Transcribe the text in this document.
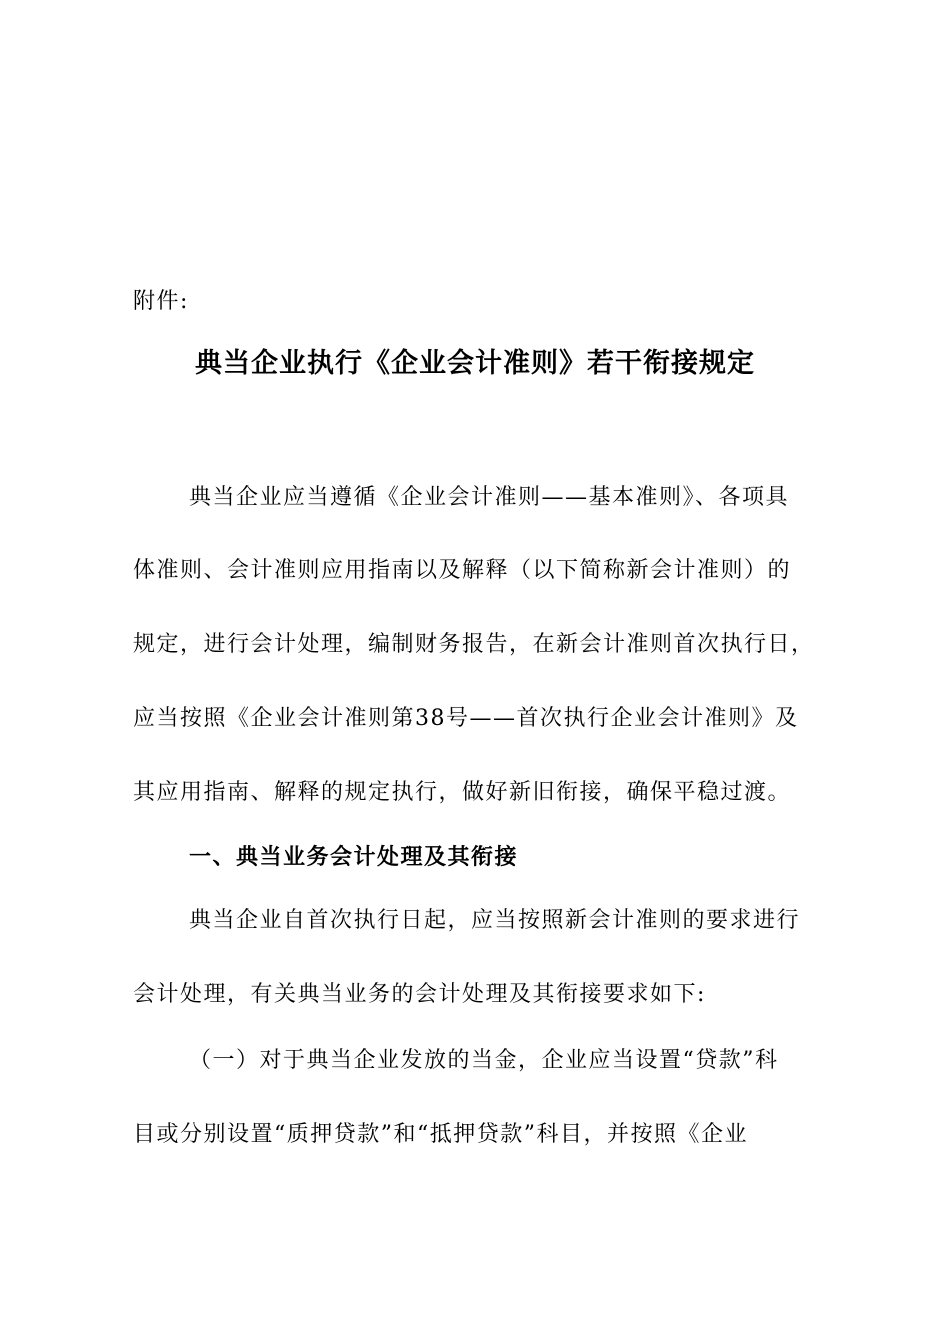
附件:
典当企业执行《企业会计准则》若干衔接规定
典当企业应当遵循《企业会计准则——基本准则》、各项具
体准则、会计准则应用指南以及解释（以下简称新会计准则）的
规定，进行会计处理，编制财务报告，在新会计准则首次执行日，
应当按照《企业会计准则第38号——首次执行企业会计准则》及
其应用指南、解释的规定执行，做好新旧衔接，确保平稳过渡。
一、典当业务会计处理及其衔接
典当企业自首次执行日起，应当按照新会计准则的要求进行
会计处理，有关典当业务的会计处理及其衔接要求如下:
（一）对于典当企业发放的当金，企业应当设置“贷款”科
目或分别设置“质押贷款”和“抵押贷款”科目，并按照《企业
